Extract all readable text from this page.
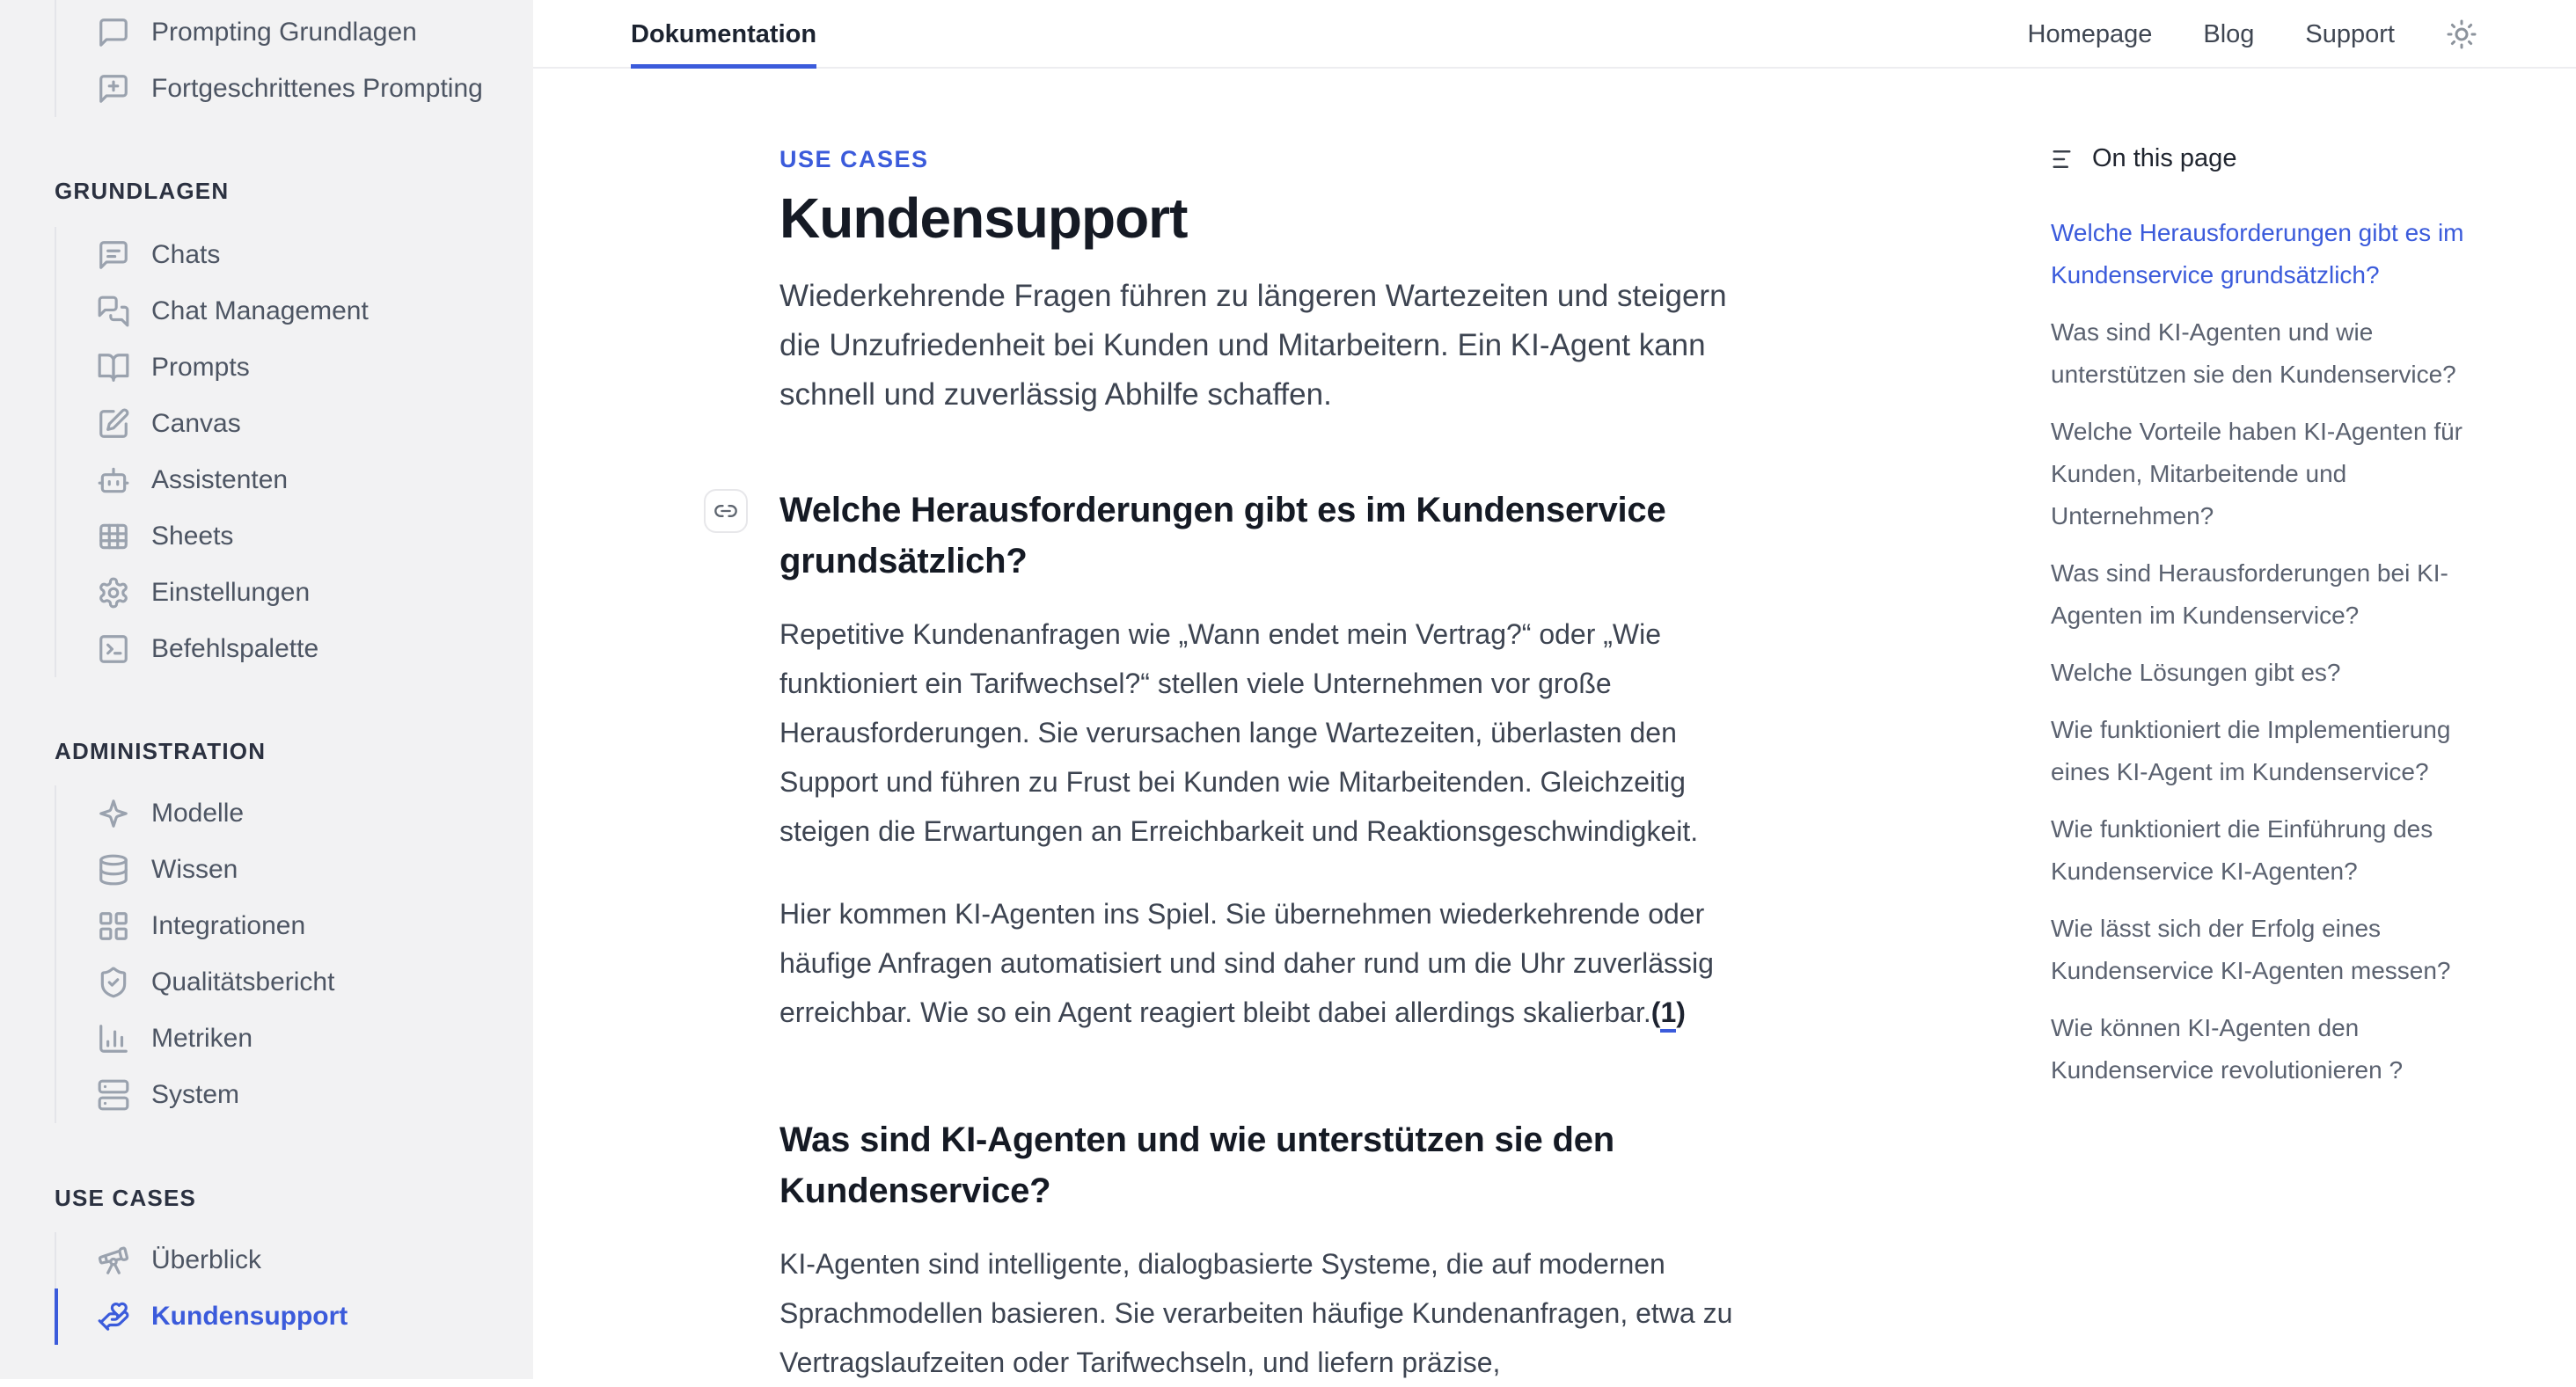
Prompting Grundlagen
Fortgeschrittenes Prompting
GRUNDLAGEN
Chats
Chat Management
Prompts
Canvas
Assistenten
Sheets
Einstellungen
Befehlspalette
ADMINISTRATION
Modelle
Wissen
Integrationen
Qualitätsbericht
Metriken
System
USE CASES
Überblick
Kundensupport
Dokumentation	Homepage Blog Support
USE CASES
Kundensupport

Wiederkehrende Fragen führen zu längeren Wartezeiten und steigern die Unzufriedenheit bei Kunden und Mitarbeitern. Ein KI-Agent kann schnell und zuverlässig Abhilfe schaffen.

Welche Herausforderungen gibt es im Kundenservice grundsätzlich?

Repetitive Kundenanfragen wie „Wann endet mein Vertrag?“ oder „Wie funktioniert ein Tarifwechsel?“ stellen viele Unternehmen vor große Herausforderungen. Sie verursachen lange Wartezeiten, überlasten den Support und führen zu Frust bei Kunden wie Mitarbeitenden. Gleichzeitig steigen die Erwartungen an Erreichbarkeit und Reaktionsgeschwindigkeit.

Hier kommen KI-Agenten ins Spiel. Sie übernehmen wiederkehrende oder häufige Anfragen automatisiert und sind daher rund um die Uhr zuverlässig erreichbar. Wie so ein Agent reagiert bleibt dabei allerdings skalierbar.(1)

Was sind KI-Agenten und wie unterstützen sie den Kundenservice?

KI-Agenten sind intelligente, dialogbasierte Systeme, die auf modernen Sprachmodellen basieren. Sie verarbeiten häufige Kundenanfragen, etwa zu Vertragslaufzeiten oder Tarifwechseln, und liefern präzise,

On this page
Welche Herausforderungen gibt es im Kundenservice grundsätzlich?
Was sind KI-Agenten und wie unterstützen sie den Kundenservice?
Welche Vorteile haben KI-Agenten für Kunden, Mitarbeitende und Unternehmen?
Was sind Herausforderungen bei KI-Agenten im Kundenservice?
Welche Lösungen gibt es?
Wie funktioniert die Implementierung eines KI-Agent im Kundenservice?
Wie funktioniert die Einführung des Kundenservice KI-Agenten?
Wie lässt sich der Erfolg eines Kundenservice KI-Agenten messen?
Wie können KI-Agenten den Kundenservice revolutionieren ?
